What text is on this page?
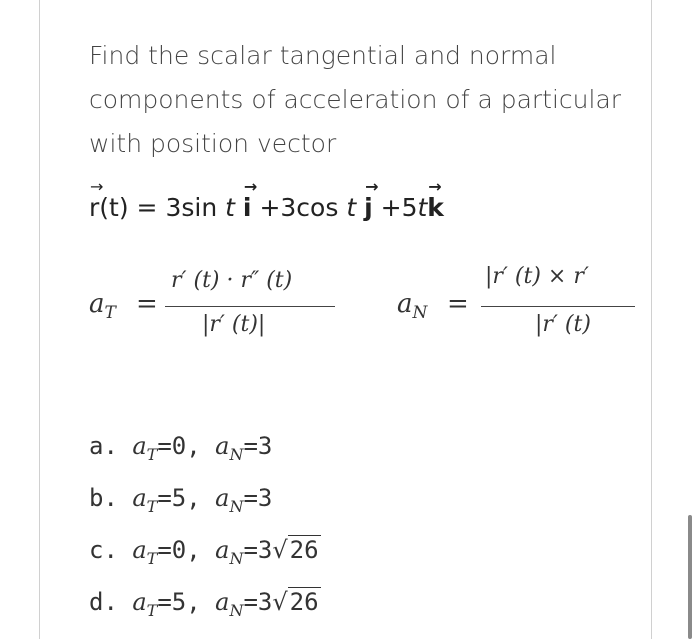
Find the scalar tangential and normal
components of acceleration of a particular
with position vector
→
r(t) = 3sin t
→
i +3cos t
→
j +5t
→
k
$a_T$ =
r′ (t) · r″ (t)
|r′ (t)|
$a_N$ =
|r′ (t) × r′
|r′ (t)
a. $a_T=0$, $a_N=3$
b. $a_T=5$, $a_N=3$
c. $a_T=0$, $a_N=3√26$
d. $a_T=5$, $a_N=3√26$
